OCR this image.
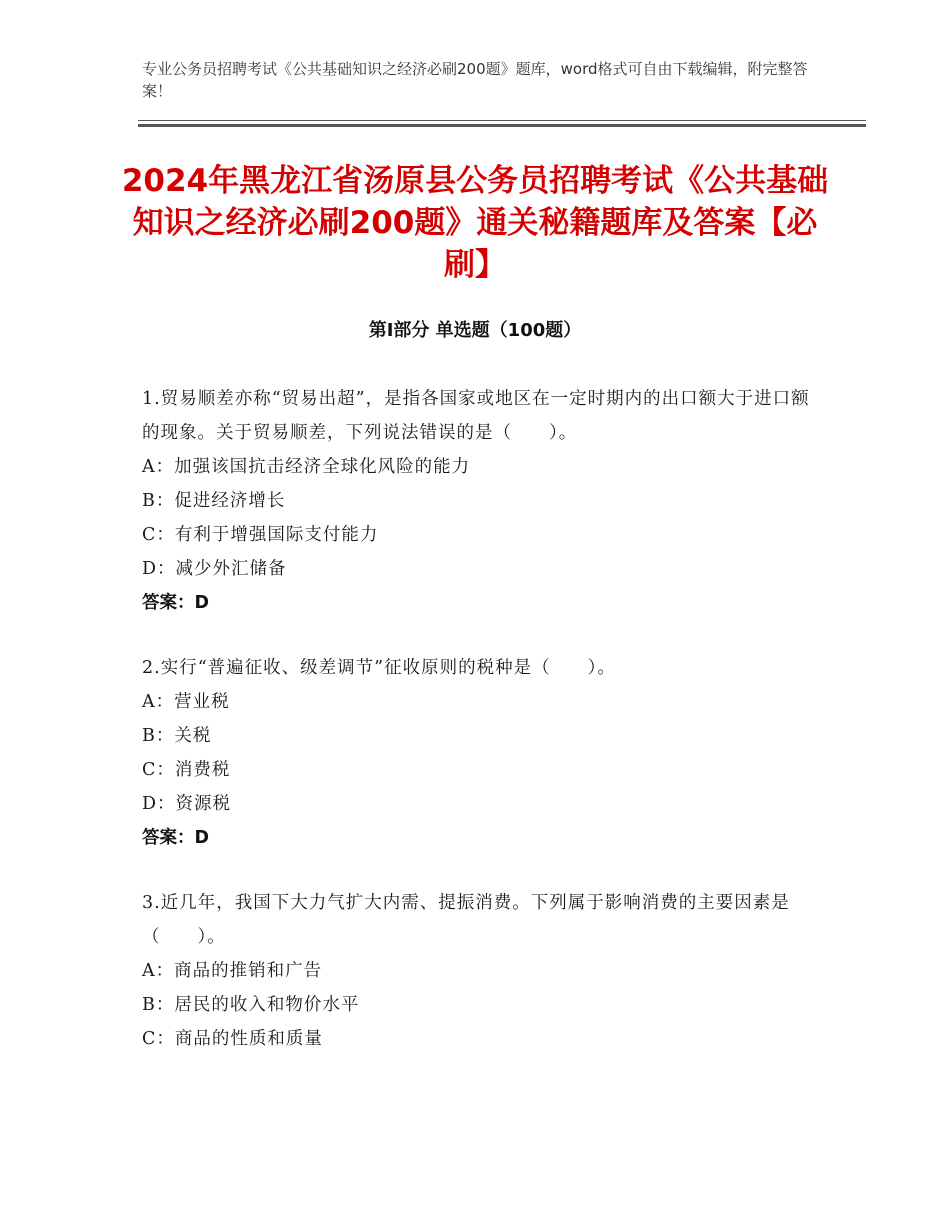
专业公务员招聘考试《公共基础知识之经济必刷200题》题库，word格式可自由下载编辑，附完整答案！
2024年黑龙江省汤原县公务员招聘考试《公共基础知识之经济必刷200题》通关秘籍题库及答案【必刷】
第I部分 单选题（100题）
1.贸易顺差亦称“贸易出超”，是指各国家或地区在一定时期内的出口额大于进口额的现象。关于贸易顺差，下列说法错误的是（　　）。
A：加强该国抗击经济全球化风险的能力
B：促进经济增长
C：有利于增强国际支付能力
D：减少外汇储备
答案：D
2.实行“普遍征收、级差调节”征收原则的税种是（　　）。
A：营业税
B：关税
C：消费税
D：资源税
答案：D
3.近几年，我国下大力气扩大内需、提振消费。下列属于影响消费的主要因素是（　　）。
A：商品的推销和广告
B：居民的收入和物价水平
C：商品的性质和质量
